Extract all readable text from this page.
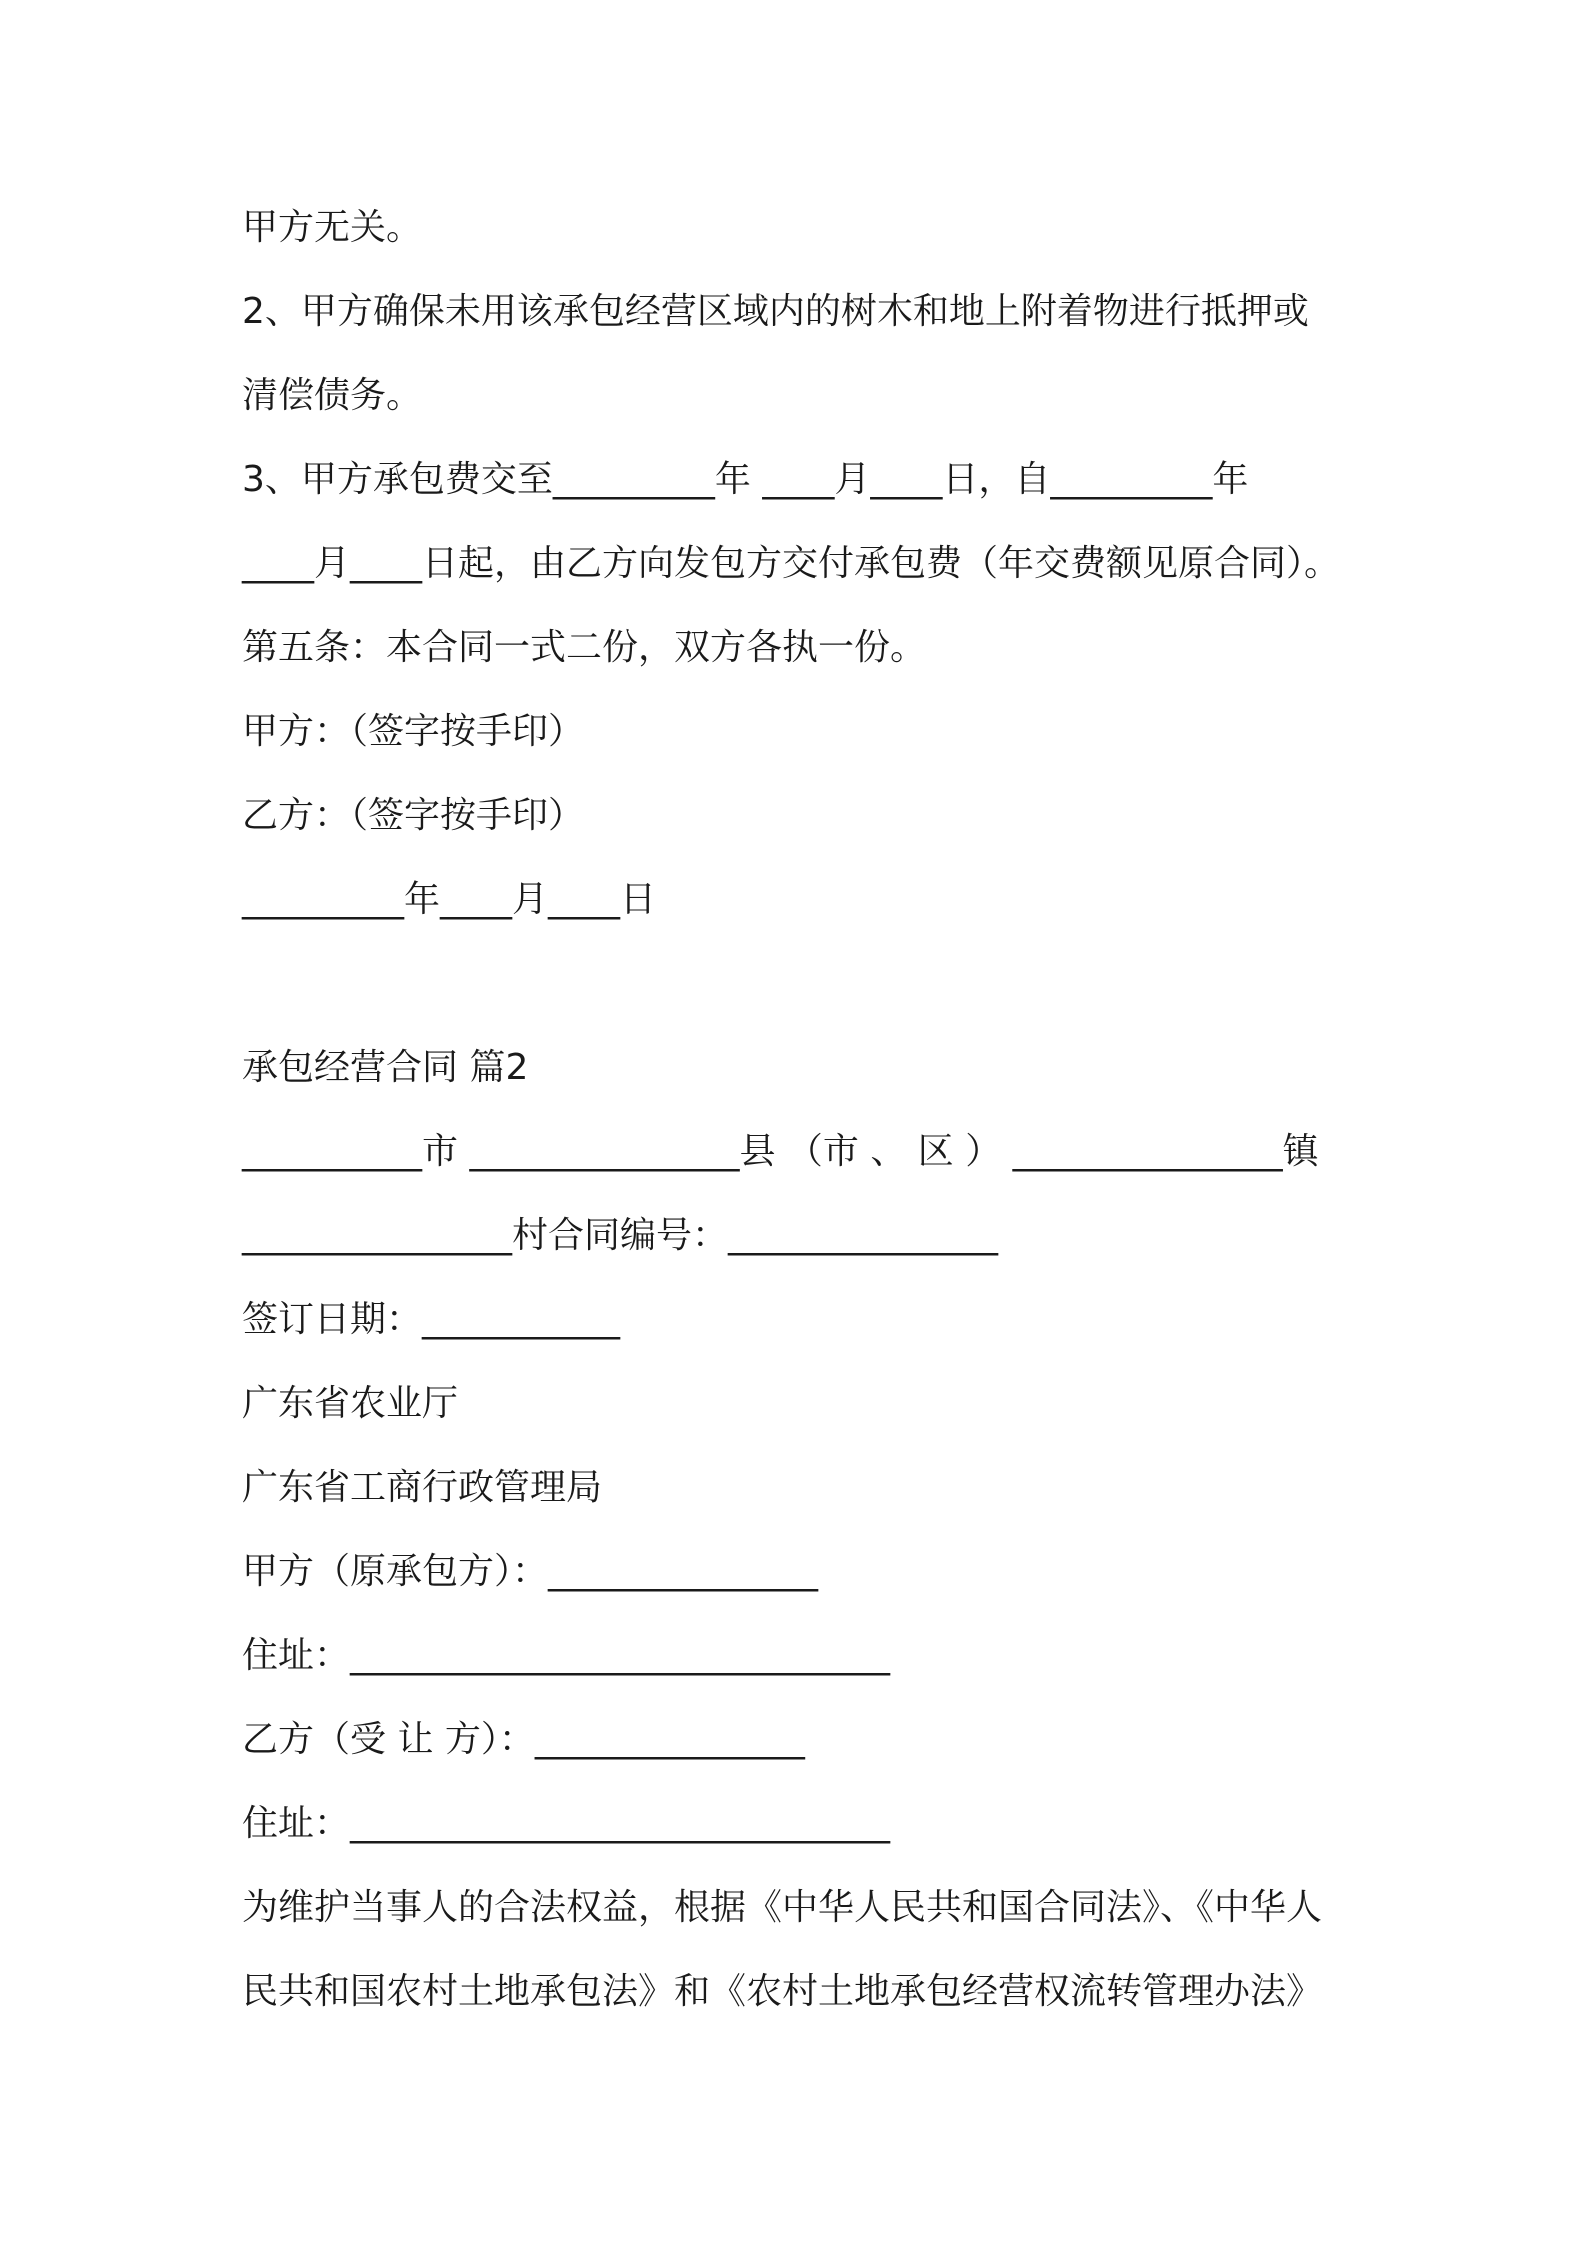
甲方无关。
2、甲方确保未用该承包经营区域内的树木和地上附着物进行抵押或
清偿债务。
3、甲方承包费交至_________年 ____月____日，自_________年
____月____日起，由乙方向发包方交付承包费（年交费额见原合同）。
第五条：本合同一式二份，双方各执一份。
甲方：（签字按手印）
乙方：（签字按手印）
_________年____月____日
承包经营合同 篇2
__________市 _______________县 （市 、 区 ） _______________镇
_______________村合同编号：_______________
签订日期：___________
广东省农业厅
广东省工商行政管理局
甲方（原承包方）：_______________
住址：______________________________
乙方（受 让 方）：_______________
住址：______________________________
为维护当事人的合法权益，根据《中华人民共和国合同法》、《中华人
民共和国农村土地承包法》和《农村土地承包经营权流转管理办法》
